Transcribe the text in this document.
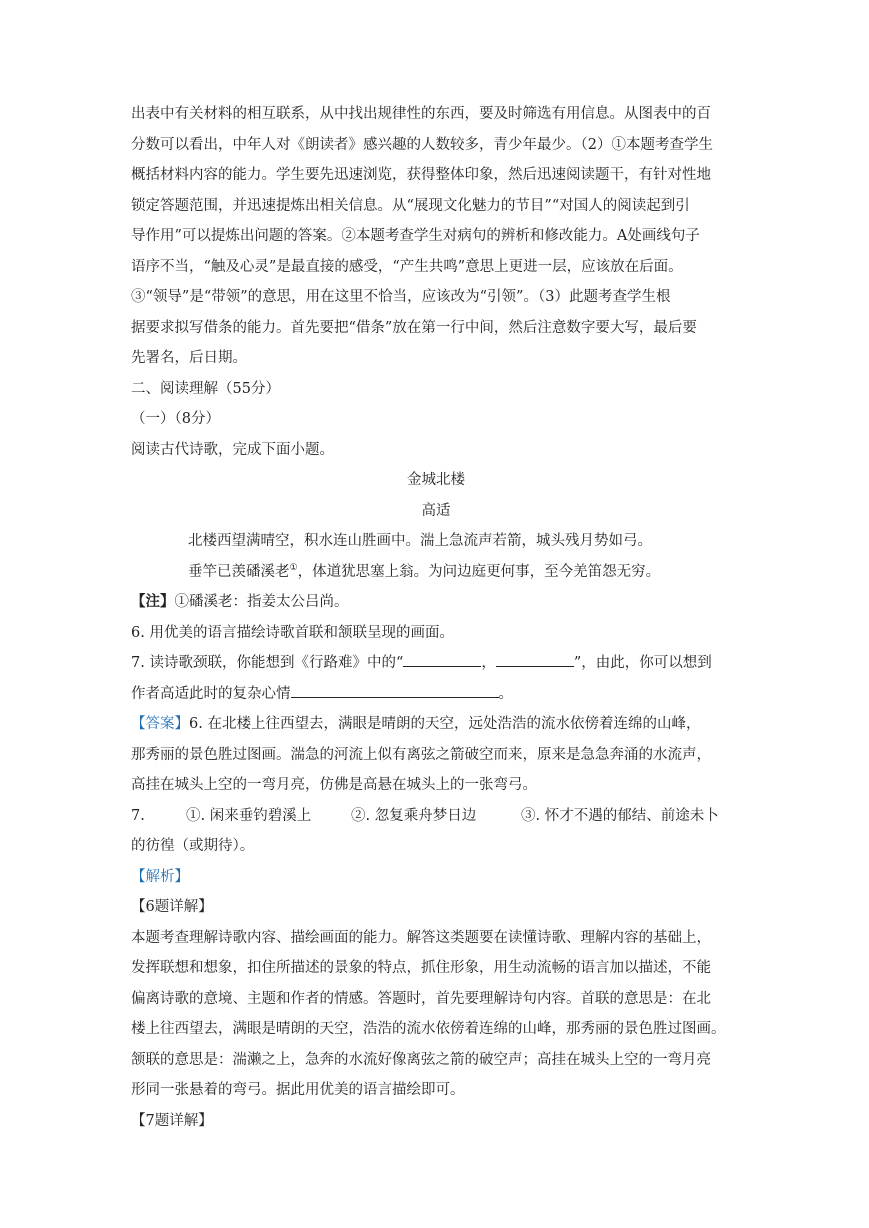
出表中有关材料的相互联系，从中找出规律性的东西，要及时筛选有用信息。从图表中的百

分数可以看出，中年人对《朗读者》感兴趣的人数较多，青少年最少。（2）①本题考查学生

概括材料内容的能力。学生要先迅速浏览，获得整体印象，然后迅速阅读题干，有针对性地

锁定答题范围，并迅速提炼出相关信息。从“展现文化魅力的节目”“对国人的阅读起到引

导作用”可以提炼出问题的答案。②本题考查学生对病句的辨析和修改能力。A处画线句子

语序不当，“触及心灵”是最直接的感受，“产生共鸣”意思上更进一层，应该放在后面。

③“领导”是“带领”的意思，用在这里不恰当，应该改为“引领”。（3）此题考查学生根

据要求拟写借条的能力。首先要把“借条”放在第一行中间，然后注意数字要大写，最后要

先署名，后日期。

二、阅读理解（55分）

（一）（8分）

阅读古代诗歌，完成下面小题。

金城北楼

高适

北楼西望满晴空，积水连山胜画中。湍上急流声若箭，城头残月势如弓。

垂竿已羡磻溪老①，体道犹思塞上翁。为问边庭更何事，至今羌笛怨无穷。

【注】①磻溪老：指姜太公吕尚。

6. 用优美的语言描绘诗歌首联和颔联呈现的画面。

7. 读诗歌颈联，你能想到《行路难》中的“	，	”，由此，你可以想到

作者高适此时的复杂心情	。

【答案】6. 在北楼上往西望去，满眼是晴朗的天空，远处浩浩的流水依傍着连绵的山峰，

那秀丽的景色胜过图画。湍急的河流上似有离弦之箭破空而来，原来是急急奔涌的水流声，

高挂在城头上空的一弯月亮，仿佛是高悬在城头上的一张弯弓。

7.	①. 闲来垂钓碧溪上	②. 忽复乘舟梦日边	③. 怀才不遇的郁结、前途未卜

的彷徨（或期待）。

【解析】

【6题详解】

本题考查理解诗歌内容、描绘画面的能力。解答这类题要在读懂诗歌、理解内容的基础上，

发挥联想和想象，扣住所描述的景象的特点，抓住形象，用生动流畅的语言加以描述，不能

偏离诗歌的意境、主题和作者的情感。答题时，首先要理解诗句内容。首联的意思是：在北

楼上往西望去，满眼是晴朗的天空，浩浩的流水依傍着连绵的山峰，那秀丽的景色胜过图画。

颔联的意思是：湍濑之上，急奔的水流好像离弦之箭的破空声；高挂在城头上空的一弯月亮

形同一张悬着的弯弓。据此用优美的语言描绘即可。

【7题详解】
